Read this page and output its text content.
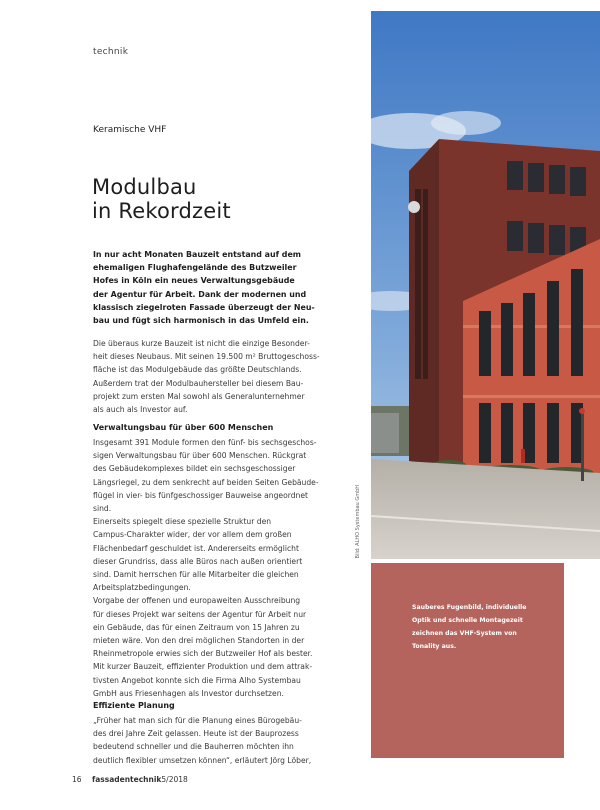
technik
Keramische VHF
Modulbau
in Rekordzeit
In nur acht Monaten Bauzeit entstand auf dem
ehemaligen Flughafengelände des Butzweiler
Hofes in Köln ein neues Verwaltungsgebäude
der Agentur für Arbeit. Dank der modernen und
klassisch ziegelroten Fassade überzeugt der Neu-
bau und fügt sich harmonisch in das Umfeld ein.
Die überaus kurze Bauzeit ist nicht die einzige Besonder-
heit dieses Neubaus. Mit seinen 19.500 m² Bruttogeschoss-
fläche ist das Modulgebäude das größte Deutschlands.
Außerdem trat der Modulbauhersteller bei diesem Bau-
projekt zum ersten Mal sowohl als Generalunternehmer
als auch als Investor auf.
Verwaltungsbau für über 600 Menschen
Insgesamt 391 Module formen den fünf- bis sechsgeschos-
sigen Verwaltungsbau für über 600 Menschen. Rückgrat
des Gebäudekomplexes bildet ein sechsgeschossiger
Längsriegel, zu dem senkrecht auf beiden Seiten Gebäude-
flügel in vier- bis fünfgeschossiger Bauweise angeordnet
sind.
Einerseits spiegelt diese spezielle Struktur den
Campus-Charakter wider, der vor allem dem großen
Flächenbedarf geschuldet ist. Andererseits ermöglicht
dieser Grundriss, dass alle Büros nach außen orientiert
sind. Damit herrschen für alle Mitarbeiter die gleichen
Arbeitsplatzbedingungen.
Vorgabe der offenen und europaweiten Ausschreibung
für dieses Projekt war seitens der Agentur für Arbeit nur
ein Gebäude, das für einen Zeitraum von 15 Jahren zu
mieten wäre. Von den drei möglichen Standorten in der
Rheinmetropole erwies sich der Butzweiler Hof als bester.
Mit kurzer Bauzeit, effizienter Produktion und dem attrak-
tivsten Angebot konnte sich die Firma Alho Systembau
GmbH aus Friesenhagen als Investor durchsetzen.
Effiziente Planung
„Früher hat man sich für die Planung eines Bürogebäu-
des drei Jahre Zeit gelassen. Heute ist der Bauprozess
bedeutend schneller und die Bauherren möchten ihn
deutlich flexibler umsetzen können“, erläutert Jörg Löber,
Bild: ALHO Systembau GmbH
Sauberes Fugenbild, individuelle
Optik und schnelle Montagezeit
zeichnen das VHF-System von
Tonality aus.
16 fassadentechnik5/2018
